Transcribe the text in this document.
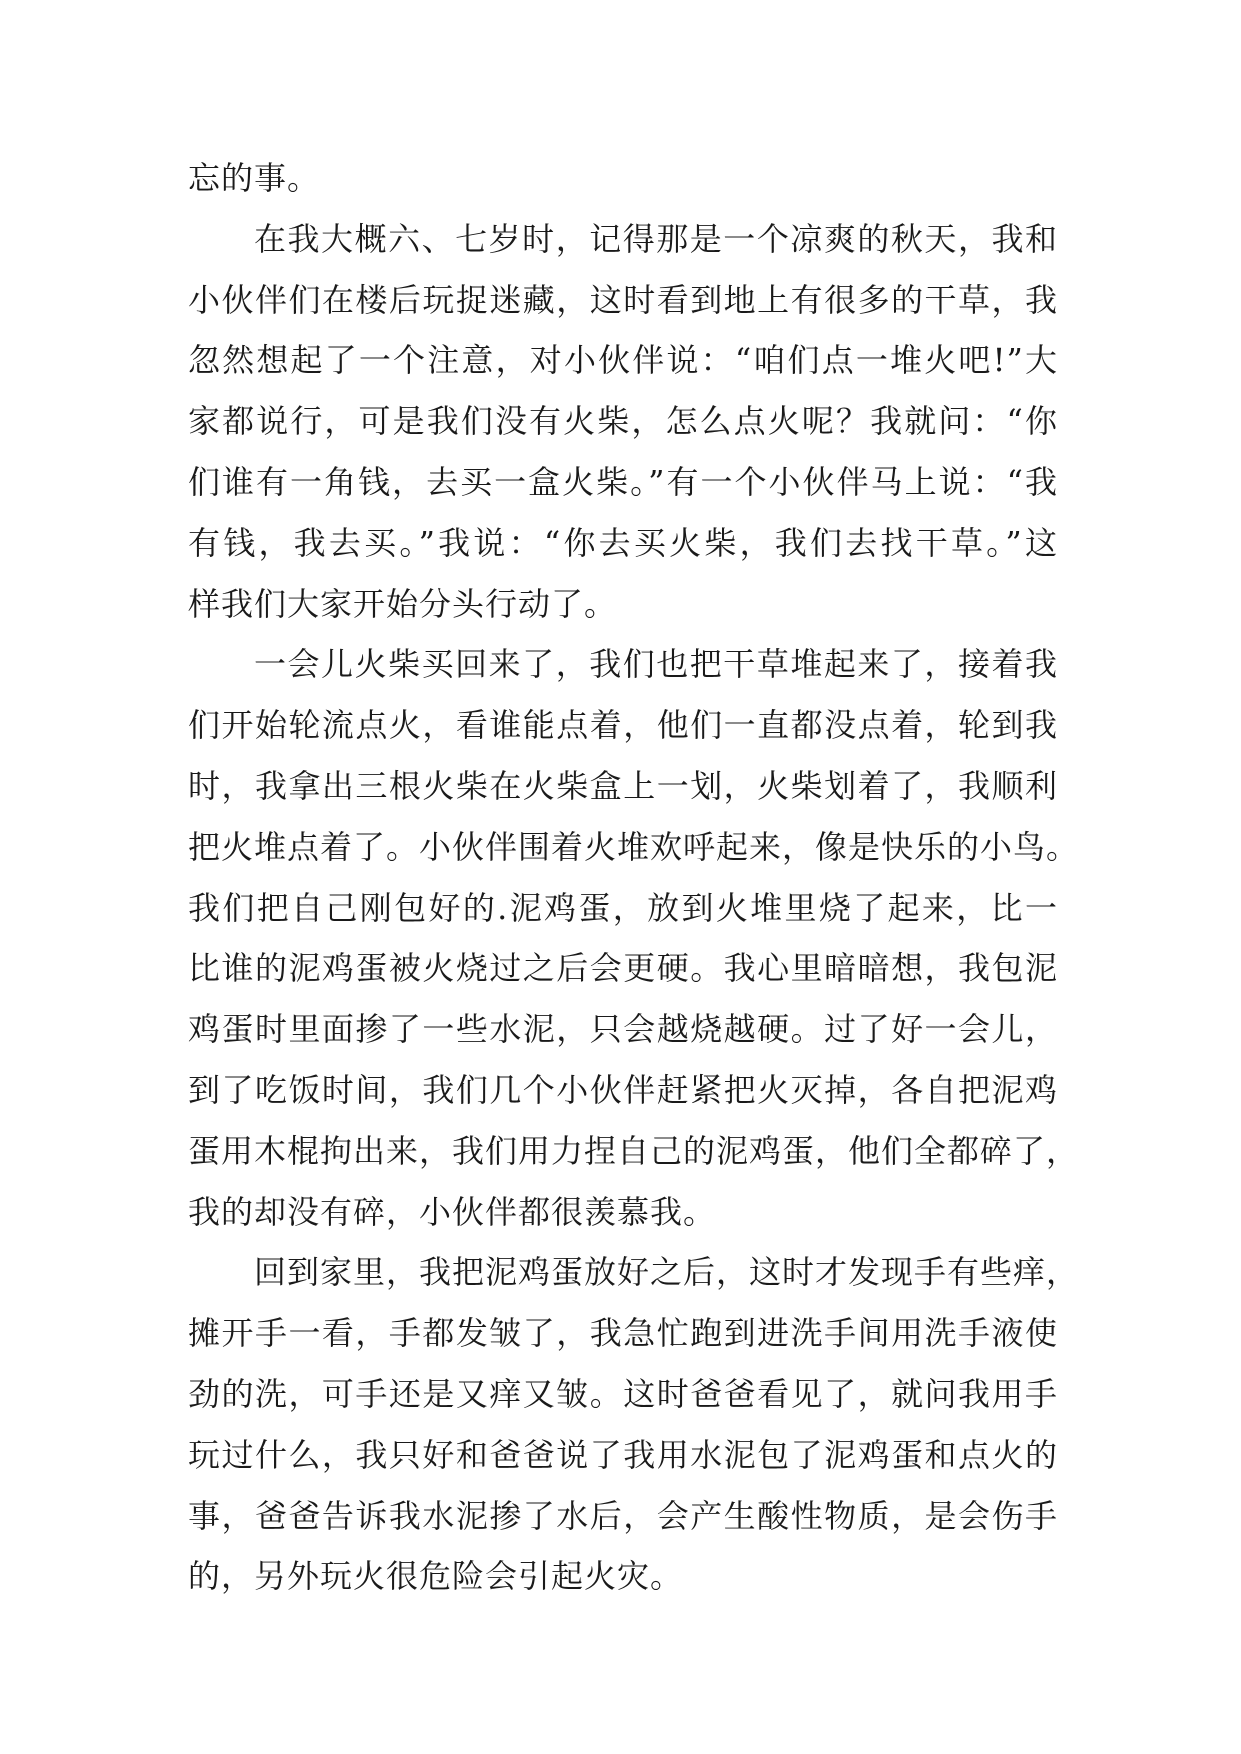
忘的事。
在我大概六、七岁时，记得那是一个凉爽的秋天，我和
小伙伴们在楼后玩捉迷藏，这时看到地上有很多的干草，我
忽然想起了一个注意，对小伙伴说：“咱们点一堆火吧!”大
家都说行，可是我们没有火柴，怎么点火呢？我就问：“你
们谁有一角钱，去买一盒火柴。”有一个小伙伴马上说：“我
有钱，我去买。”我说：“你去买火柴，我们去找干草。”这
样我们大家开始分头行动了。
一会儿火柴买回来了，我们也把干草堆起来了，接着我
们开始轮流点火，看谁能点着，他们一直都没点着，轮到我
时，我拿出三根火柴在火柴盒上一划，火柴划着了，我顺利
把火堆点着了。小伙伴围着火堆欢呼起来，像是快乐的小鸟。
我们把自己刚包好的.泥鸡蛋，放到火堆里烧了起来，比一
比谁的泥鸡蛋被火烧过之后会更硬。我心里暗暗想，我包泥
鸡蛋时里面掺了一些水泥，只会越烧越硬。过了好一会儿，
到了吃饭时间，我们几个小伙伴赶紧把火灭掉，各自把泥鸡
蛋用木棍拘出来，我们用力捏自己的泥鸡蛋，他们全都碎了，
我的却没有碎，小伙伴都很羡慕我。
回到家里，我把泥鸡蛋放好之后，这时才发现手有些痒，
摊开手一看，手都发皱了，我急忙跑到进洗手间用洗手液使
劲的洗，可手还是又痒又皱。这时爸爸看见了，就问我用手
玩过什么，我只好和爸爸说了我用水泥包了泥鸡蛋和点火的
事，爸爸告诉我水泥掺了水后，会产生酸性物质，是会伤手
的，另外玩火很危险会引起火灾。
